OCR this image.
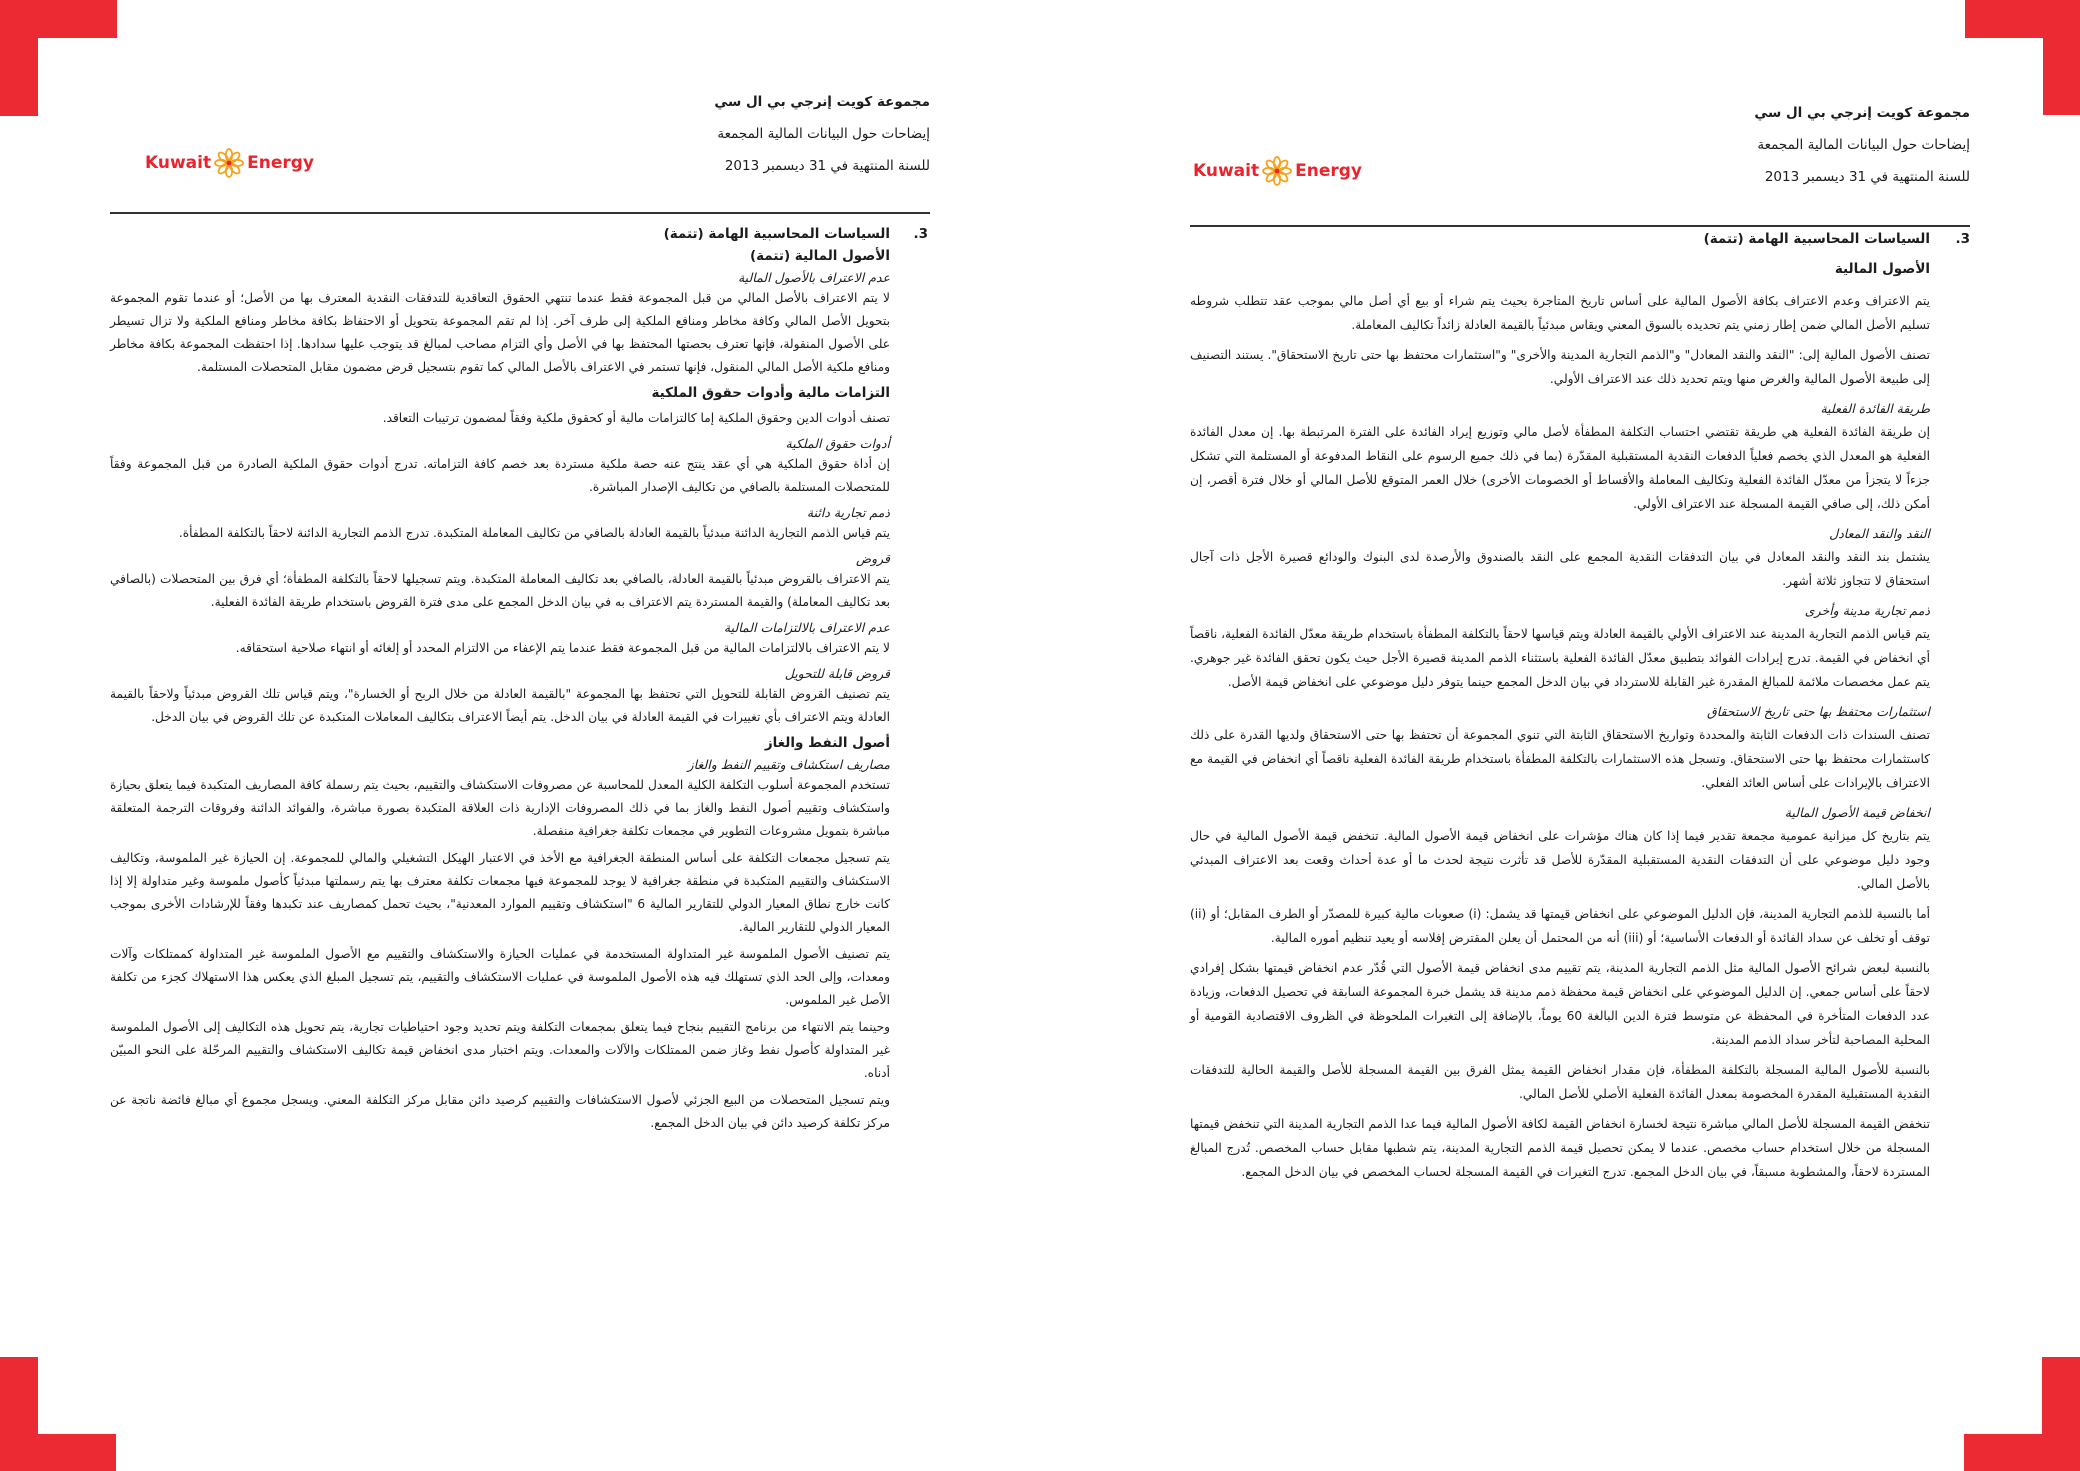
Kuwait Energy	Kuwait Energy
مجموعة كويت إنرجي بي ال سي
إيضاحات حول البيانات المالية المجمعة
للسنة المنتهية في 31 ديسمبر 2013
3.
السياسات المحاسبية الهامة (تتمة)
الأصول المالية (تتمة)
عدم الاعتراف بالأصول المالية

لا يتم الاعتراف بالأصل المالي من قبل المجموعة فقط عندما تنتهي الحقوق التعاقدية للتدفقات النقدية المعترف بها من الأصل؛ أو عندما تقوم المجموعة بتحويل الأصل المالي وكافة مخاطر ومنافع الملكية إلى طرف آخر. إذا لم تقم المجموعة بتحويل أو الاحتفاظ بكافة مخاطر ومنافع الملكية ولا تزال تسيطر على الأصول المنقولة، فإنها تعترف بحصتها المحتفظ بها في الأصل وأي التزام مصاحب لمبالغ قد يتوجب عليها سدادها. إذا احتفظت المجموعة بكافة مخاطر ومنافع ملكية الأصل المالي المنقول، فإنها تستمر في الاعتراف بالأصل المالي كما تقوم بتسجيل قرض مضمون مقابل المتحصلات المستلمة.

التزامات مالية وأدوات حقوق الملكية

تصنف أدوات الدين وحقوق الملكية إما كالتزامات مالية أو كحقوق ملكية وفقاً لمضمون ترتيبات التعاقد.

أدوات حقوق الملكية

إن أداة حقوق الملكية هي أي عقد ينتج عنه حصة ملكية مستردة بعد خصم كافة التزاماته. تدرج أدوات حقوق الملكية الصادرة من قبل المجموعة وفقاً للمتحصلات المستلمة بالصافي من تكاليف الإصدار المباشرة.

ذمم تجارية دائنة

يتم قياس الذمم التجارية الدائنة مبدئياً بالقيمة العادلة بالصافي من تكاليف المعاملة المتكبدة. تدرج الذمم التجارية الدائنة لاحقاً بالتكلفة المطفأة.

قروض

يتم الاعتراف بالقروض مبدئياً بالقيمة العادلة، بالصافي بعد تكاليف المعاملة المتكبدة. ويتم تسجيلها لاحقاً بالتكلفة المطفأة؛ أي فرق بين المتحصلات (بالصافي بعد تكاليف المعاملة) والقيمة المستردة يتم الاعتراف به في بيان الدخل المجمع على مدى فترة القروض باستخدام طريقة الفائدة الفعلية.

عدم الاعتراف بالالتزامات المالية

لا يتم الاعتراف بالالتزامات المالية من قبل المجموعة فقط عندما يتم الإعفاء من الالتزام المحدد أو إلغائه أو انتهاء صلاحية استحقاقه.

قروض قابلة للتحويل

يتم تصنيف القروض القابلة للتحويل التي تحتفظ بها المجموعة "بالقيمة العادلة من خلال الربح أو الخسارة"، ويتم قياس تلك القروض مبدئياً ولاحقاً بالقيمة العادلة ويتم الاعتراف بأي تغييرات في القيمة العادلة في بيان الدخل. يتم أيضاً الاعتراف بتكاليف المعاملات المتكبدة عن تلك القروض في بيان الدخل.

أصول النفط والغاز
مصاريف استكشاف وتقييم النفط والغاز

تستخدم المجموعة أسلوب التكلفة الكلية المعدل للمحاسبة عن مصروفات الاستكشاف والتقييم، بحيث يتم رسملة كافة المصاريف المتكبدة فيما يتعلق بحيازة واستكشاف وتقييم أصول النفط والغاز بما في ذلك المصروفات الإدارية ذات العلاقة المتكبدة بصورة مباشرة، والفوائد الدائنة وفروقات الترجمة المتعلقة مباشرة بتمويل مشروعات التطوير في مجمعات تكلفة جغرافية منفصلة.

يتم تسجيل مجمعات التكلفة على أساس المنطقة الجغرافية مع الأخذ في الاعتبار الهيكل التشغيلي والمالي للمجموعة. إن الحيازة غير الملموسة، وتكاليف الاستكشاف والتقييم المتكبدة في منطقة جغرافية لا يوجد للمجموعة فيها مجمعات تكلفة معترف بها يتم رسملتها مبدئياً كأصول ملموسة وغير متداولة إلا إذا كانت خارج نطاق المعيار الدولي للتقارير المالية 6 "استكشاف وتقييم الموارد المعدنية"، بحيث تحمل كمصاريف عند تكبدها وفقاً للإرشادات الأخرى بموجب المعيار الدولي للتقارير المالية.

يتم تصنيف الأصول الملموسة غير المتداولة المستخدمة في عمليات الحيازة والاستكشاف والتقييم مع الأصول الملموسة غير المتداولة كممتلكات وآلات ومعدات، وإلى الحد الذي تستهلك فيه هذه الأصول الملموسة في عمليات الاستكشاف والتقييم، يتم تسجيل المبلغ الذي يعكس هذا الاستهلاك كجزء من تكلفة الأصل غير الملموس.

وحينما يتم الانتهاء من برنامج التقييم بنجاح فيما يتعلق بمجمعات التكلفة ويتم تحديد وجود احتياطيات تجارية، يتم تحويل هذه التكاليف إلى الأصول الملموسة غير المتداولة كأصول نفط وغاز ضمن الممتلكات والآلات والمعدات. ويتم اختبار مدى انخفاض قيمة تكاليف الاستكشاف والتقييم المرحّلة على النحو المبيّن أدناه.

ويتم تسجيل المتحصلات من البيع الجزئي لأصول الاستكشافات والتقييم كرصيد دائن مقابل مركز التكلفة المعني. ويسجل مجموع أي مبالغ فائضة ناتجة عن مركز تكلفة كرصيد دائن في بيان الدخل المجمع.

مجموعة كويت إنرجي بي ال سي
إيضاحات حول البيانات المالية المجمعة
للسنة المنتهية في 31 ديسمبر 2013
3.
السياسات المحاسبية الهامة (تتمة)
الأصول المالية

يتم الاعتراف وعدم الاعتراف بكافة الأصول المالية على أساس تاريخ المتاجرة بحيث يتم شراء أو بيع أي أصل مالي بموجب عقد تتطلب شروطه تسليم الأصل المالي ضمن إطار زمني يتم تحديده بالسوق المعني ويقاس مبدئياً بالقيمة العادلة زائداً تكاليف المعاملة.

تصنف الأصول المالية إلى: "النقد والنقد المعادل" و"الذمم التجارية المدينة والأخرى" و"استثمارات محتفظ بها حتى تاريخ الاستحقاق". يستند التصنيف إلى طبيعة الأصول المالية والغرض منها ويتم تحديد ذلك عند الاعتراف الأولي.

طريقة الفائدة الفعلية

إن طريقة الفائدة الفعلية هي طريقة تقتضي احتساب التكلفة المطفأة لأصل مالي وتوزيع إيراد الفائدة على الفترة المرتبطة بها. إن معدل الفائدة الفعلية هو المعدل الذي يخصم فعلياً الدفعات النقدية المستقبلية المقدّرة (بما في ذلك جميع الرسوم على النقاط المدفوعة أو المستلمة التي تشكل جزءاً لا يتجزأ من معدّل الفائدة الفعلية وتكاليف المعاملة والأقساط أو الخصومات الأخرى) خلال العمر المتوقع للأصل المالي أو خلال فترة أقصر، إن أمكن ذلك، إلى صافي القيمة المسجلة عند الاعتراف الأولي.

النقد والنقد المعادل

يشتمل بند النقد والنقد المعادل في بيان التدفقات النقدية المجمع على النقد بالصندوق والأرصدة لدى البنوك والودائع قصيرة الأجل ذات آجال استحقاق لا تتجاوز ثلاثة أشهر.

ذمم تجارية مدينة وأخرى

يتم قياس الذمم التجارية المدينة عند الاعتراف الأولي بالقيمة العادلة ويتم قياسها لاحقاً بالتكلفة المطفأة باستخدام طريقة معدّل الفائدة الفعلية، ناقصاً أي انخفاض في القيمة. تدرج إيرادات الفوائد بتطبيق معدّل الفائدة الفعلية باستثناء الذمم المدينة قصيرة الأجل حيث يكون تحقق الفائدة غير جوهري. يتم عمل مخصصات ملائمة للمبالغ المقدرة غير القابلة للاسترداد في بيان الدخل المجمع حينما يتوفر دليل موضوعي على انخفاض قيمة الأصل.

استثمارات محتفظ بها حتى تاريخ الاستحقاق

تصنف السندات ذات الدفعات الثابتة والمحددة وتواريخ الاستحقاق الثابتة التي تنوي المجموعة أن تحتفظ بها حتى الاستحقاق ولديها القدرة على ذلك كاستثمارات محتفظ بها حتى الاستحقاق. وتسجل هذه الاستثمارات بالتكلفة المطفأة باستخدام طريقة الفائدة الفعلية ناقصاً أي انخفاض في القيمة مع الاعتراف بالإيرادات على أساس العائد الفعلي.

انخفاض قيمة الأصول المالية

يتم بتاريخ كل ميزانية عمومية مجمعة تقدير فيما إذا كان هناك مؤشرات على انخفاض قيمة الأصول المالية. تنخفض قيمة الأصول المالية في حال وجود دليل موضوعي على أن التدفقات النقدية المستقبلية المقدّرة للأصل قد تأثرت نتيجة لحدث ما أو عدة أحداث وقعت بعد الاعتراف المبدئي بالأصل المالي.

أما بالنسبة للذمم التجارية المدينة، فإن الدليل الموضوعي على انخفاض قيمتها قد يشمل: (i) صعوبات مالية كبيرة للمصدّر أو الطرف المقابل؛ أو (ii) توقف أو تخلف عن سداد الفائدة أو الدفعات الأساسية؛ أو (iii) أنه من المحتمل أن يعلن المقترض إفلاسه أو يعيد تنظيم أموره المالية.

بالنسبة لبعض شرائح الأصول المالية مثل الذمم التجارية المدينة، يتم تقييم مدى انخفاض قيمة الأصول التي قُدّر عدم انخفاض قيمتها بشكل إفرادي لاحقاً على أساس جمعي. إن الدليل الموضوعي على انخفاض قيمة محفظة ذمم مدينة قد يشمل خبرة المجموعة السابقة في تحصيل الدفعات، وزيادة عدد الدفعات المتأخرة في المحفظة عن متوسط فترة الدين البالغة 60 يوماً، بالإضافة إلى التغيرات الملحوظة في الظروف الاقتصادية القومية أو المحلية المصاحبة لتأخر سداد الذمم المدينة.

بالنسبة للأصول المالية المسجلة بالتكلفة المطفأة، فإن مقدار انخفاض القيمة يمثل الفرق بين القيمة المسجلة للأصل والقيمة الحالية للتدفقات النقدية المستقبلية المقدرة المخصومة بمعدل الفائدة الفعلية الأصلي للأصل المالي.

تنخفض القيمة المسجلة للأصل المالي مباشرة نتيجة لخسارة انخفاض القيمة لكافة الأصول المالية فيما عدا الذمم التجارية المدينة التي تنخفض قيمتها المسجلة من خلال استخدام حساب مخصص. عندما لا يمكن تحصيل قيمة الذمم التجارية المدينة، يتم شطبها مقابل حساب المخصص. تُدرج المبالغ المستردة لاحقاً، والمشطوبة مسبقاً، في بيان الدخل المجمع. تدرج التغيرات في القيمة المسجلة لحساب المخصص في بيان الدخل المجمع.
